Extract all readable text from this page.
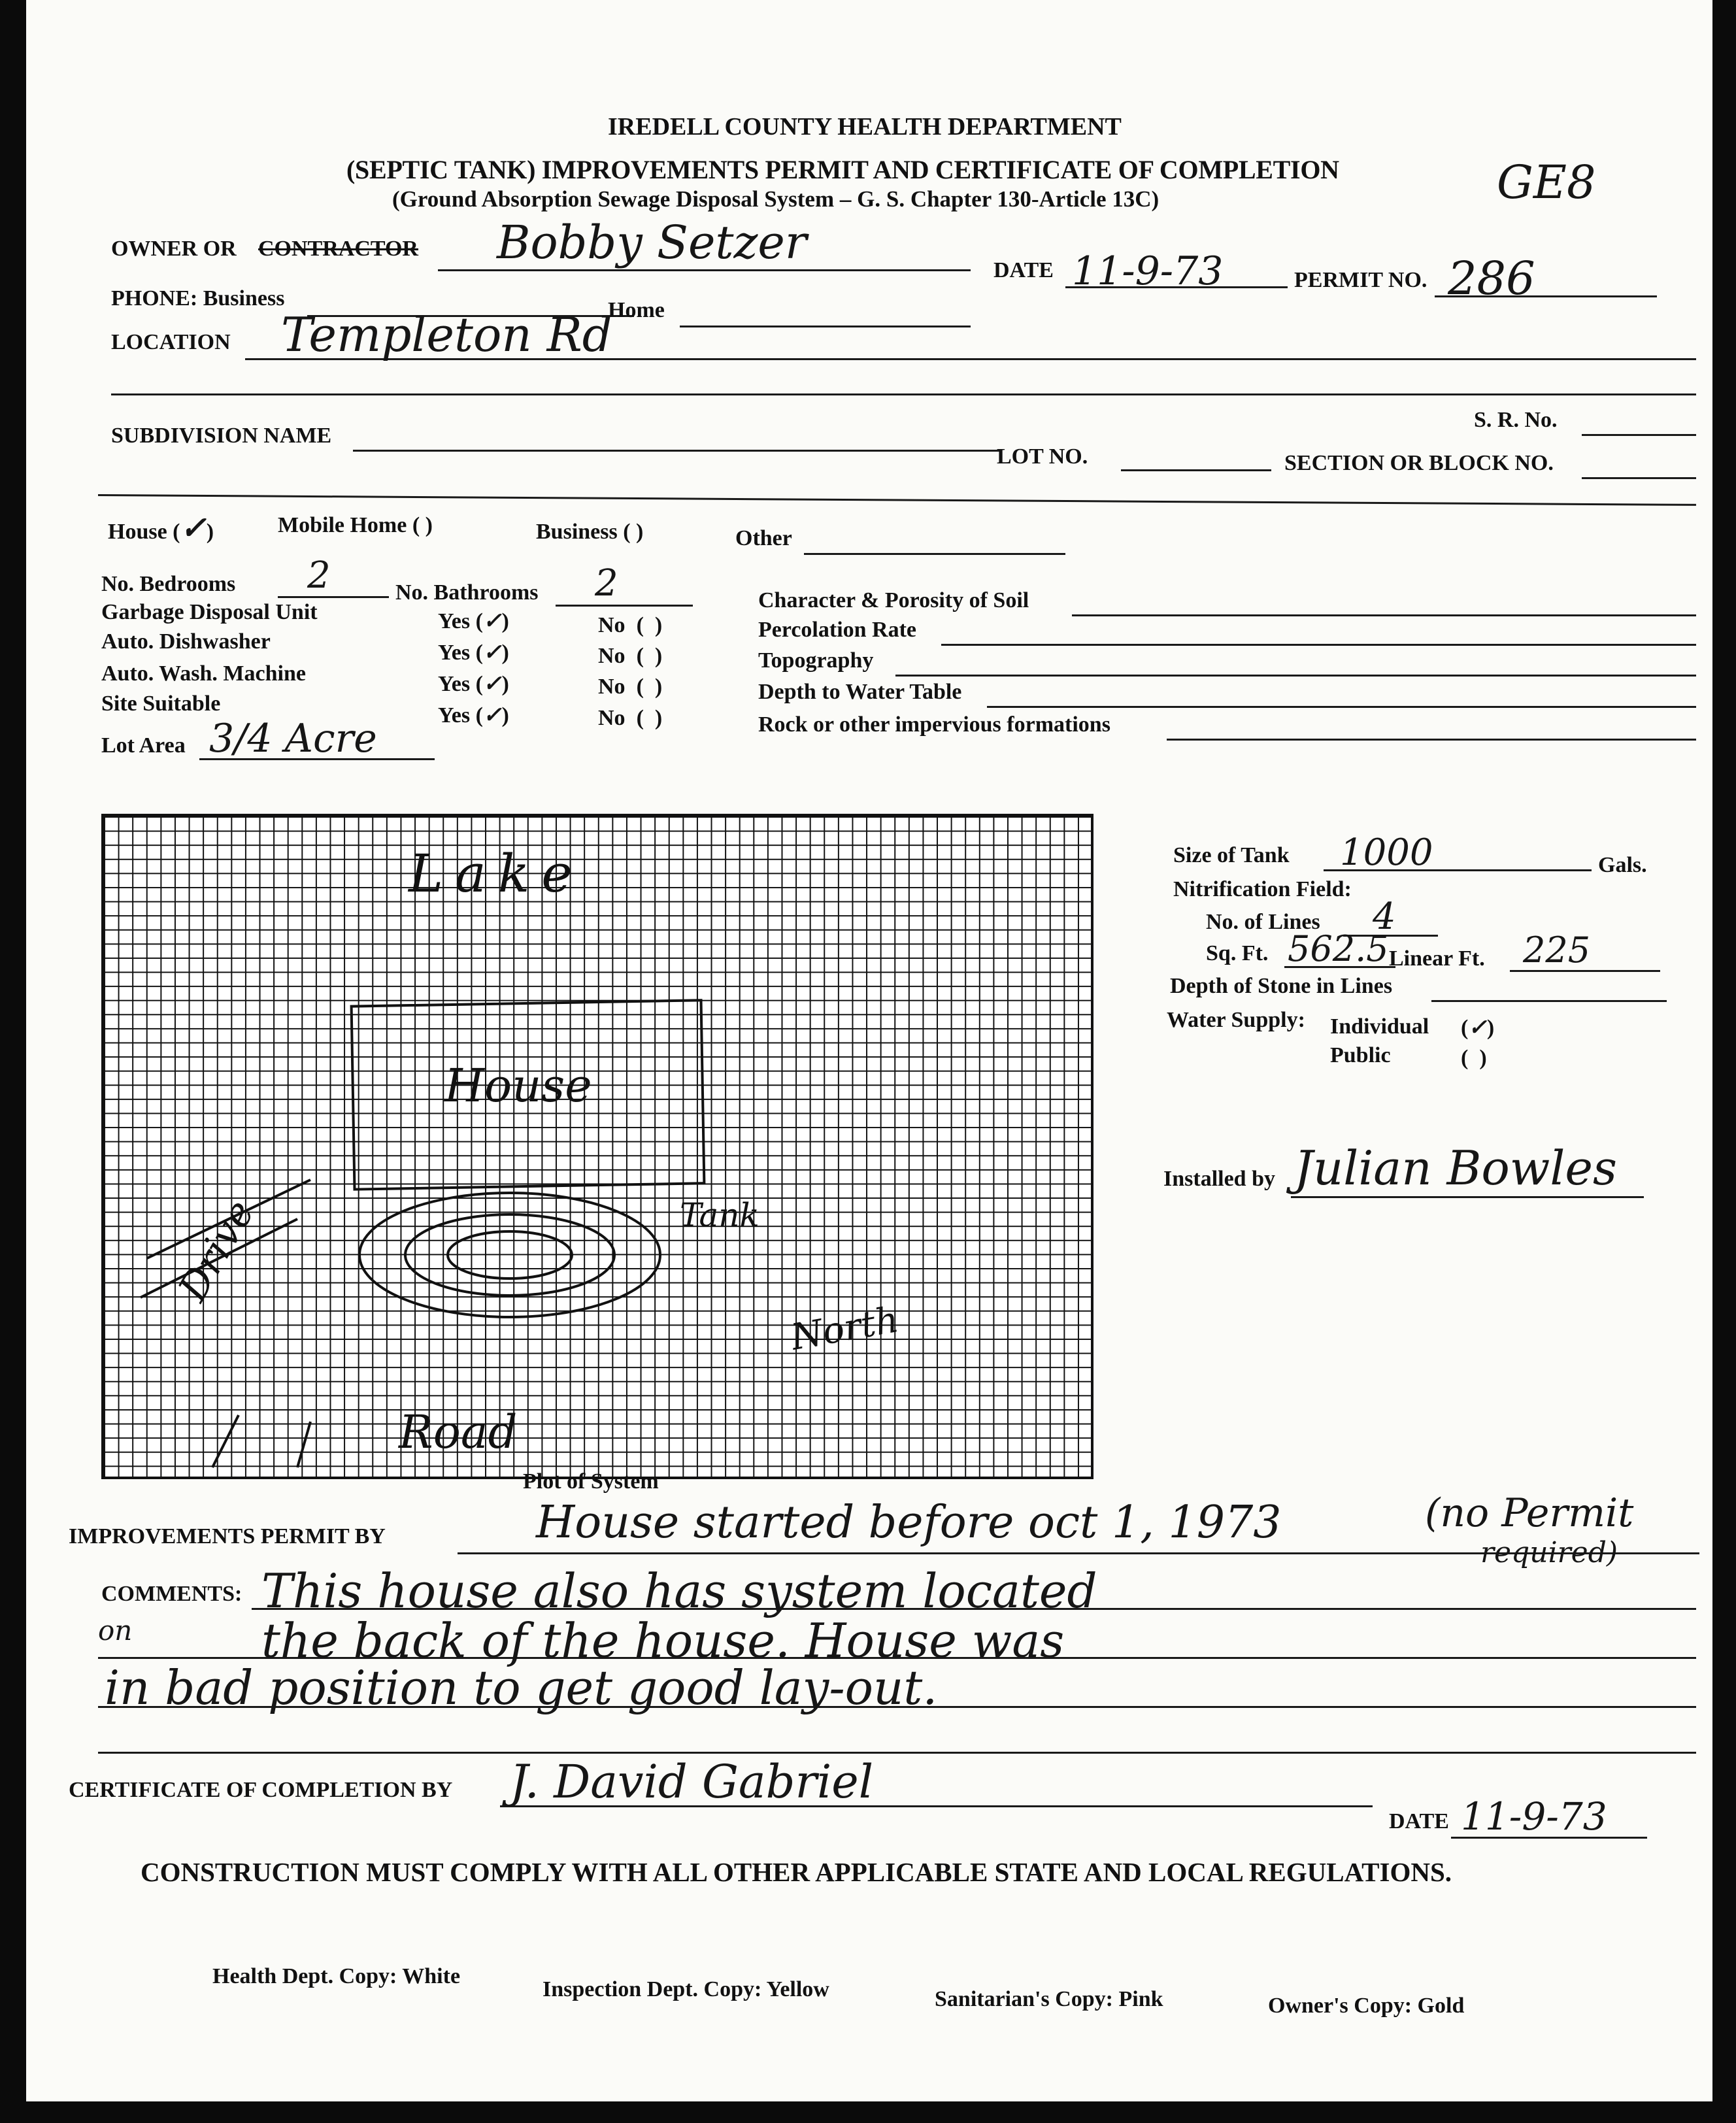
IREDELL COUNTY HEALTH DEPARTMENT
(SEPTIC TANK) IMPROVEMENTS PERMIT AND CERTIFICATE OF COMPLETION
(Ground Absorption Sewage Disposal System – G. S. Chapter 130-Article 13C)	GE8
OWNER OR CONTRACTOR Bobby Setzer
DATE 11-9-73	PERMIT NO. 286
PHONE: Business	Home
LOCATION Templeton Rd
S. R. No.
SUBDIVISION NAME
LOT NO.	SECTION OR BLOCK NO.
House (✓)	Mobile Home ( )	Business ( )	Other
No. Bedrooms 2	No. Bathrooms 2
Garbage Disposal Unit	Yes (✓)	No  (  )
Auto. Dishwasher	Yes (✓)	No  (  )
Auto. Wash. Machine	Yes (✓)	No  (  )
Site Suitable	Yes (✓)	No  (  )
Lot Area 3/4 Acre
Character & Porosity of Soil
Percolation Rate
Topography
Depth to Water Table
Rock or other impervious formations
Lake
House
Tank
Road
Drive
North
Plot of System
Size of Tank 1000	Gals.
Nitrification Field:
No. of Lines 4
Sq. Ft. 562.5 Linear Ft. 225
Depth of Stone in Lines
Water Supply: Individual (✓)
Public	(  )
Installed by Julian Bowles
IMPROVEMENTS PERMIT BY	House started before oct 1, 1973	(no Permit
required)
COMMENTS: This house also has system located
on	the back of the house. House was
in bad position to get good lay-out.
CERTIFICATE OF COMPLETION BY J. David Gabriel
DATE 11-9-73
CONSTRUCTION MUST COMPLY WITH ALL OTHER APPLICABLE STATE AND LOCAL REGULATIONS.
Health Dept. Copy: White
Inspection Dept. Copy: Yellow	Sanitarian's Copy: Pink	Owner's Copy: Gold
